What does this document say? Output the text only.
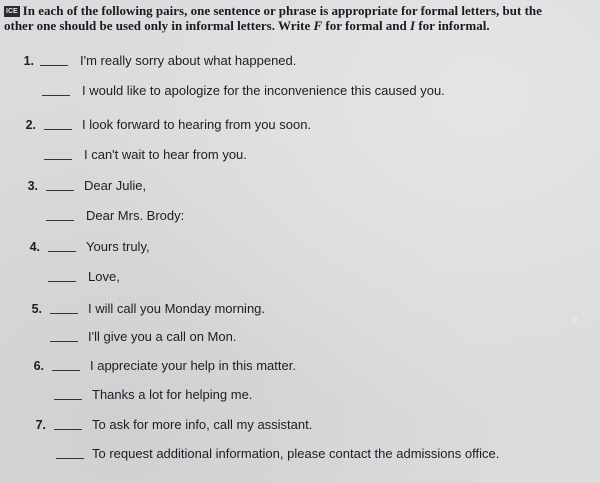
ICE In each of the following pairs, one sentence or phrase is appropriate for formal letters, but the
other one should be used only in informal letters. Write F for formal and I for informal.
1.	I'm really sorry about what happened.
I would like to apologize for the inconvenience this caused you.
2.	I look forward to hearing from you soon.
I can't wait to hear from you.
3.	Dear Julie,
Dear Mrs. Brody:
4.	Yours truly,
Love,
5.	I will call you Monday morning.
I'll give you a call on Mon.
6.	I appreciate your help in this matter.
Thanks a lot for helping me.
7.	To ask for more info, call my assistant.
To request additional information, please contact the admissions office.
